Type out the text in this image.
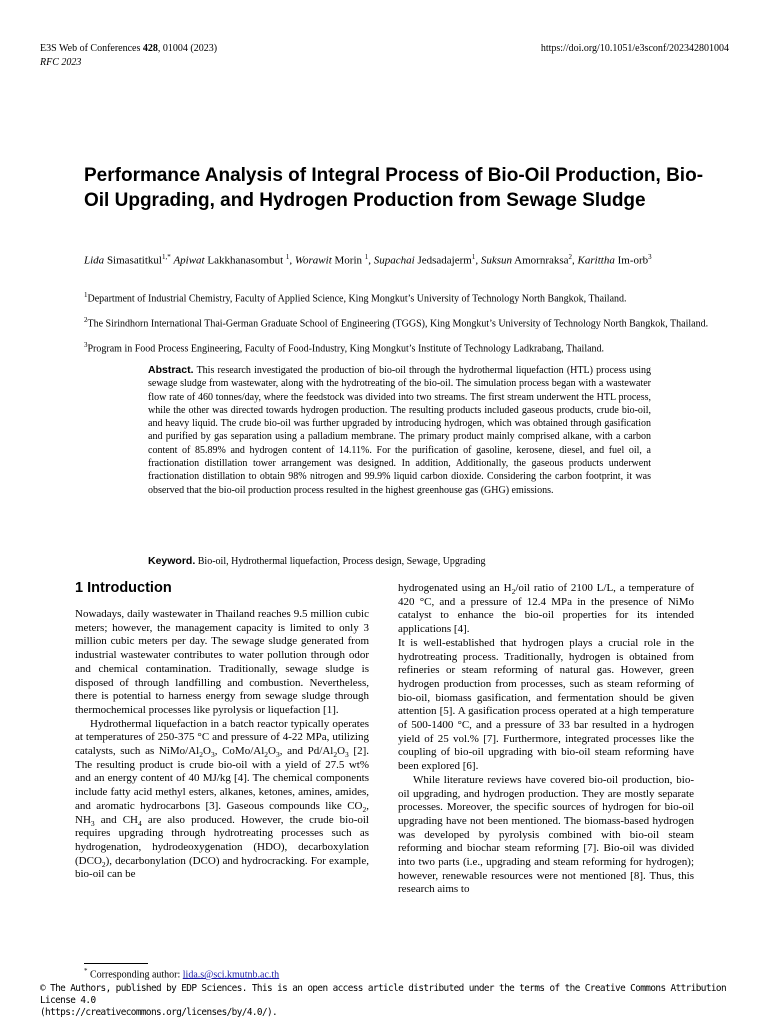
E3S Web of Conferences 428, 01004 (2023)	https://doi.org/10.1051/e3sconf/202342801004
RFC 2023
Performance Analysis of Integral Process of Bio-Oil Production, Bio-Oil Upgrading, and Hydrogen Production from Sewage Sludge
Lida Simasatitkul$^{1,*}$ Apiwat Lakkhanasombut $^1$, Worawit Morin $^1$, Supachai Jedsadajerm$^1$, Suksun Amornraksa$^2$, Karittha Im-orb$^3$
$^1$Department of Industrial Chemistry, Faculty of Applied Science, King Mongkut’s University of Technology North Bangkok, Thailand.
$^2$The Sirindhorn International Thai-German Graduate School of Engineering (TGGS), King Mongkut’s University of Technology North Bangkok, Thailand.
$^3$Program in Food Process Engineering, Faculty of Food-Industry, King Mongkut’s Institute of Technology Ladkrabang, Thailand.
Abstract. This research investigated the production of bio-oil through the hydrothermal liquefaction (HTL) process using sewage sludge from wastewater, along with the hydrotreating of the bio-oil. The simulation process began with a wastewater flow rate of 460 tonnes/day, where the feedstock was divided into two streams. The first stream underwent the HTL process, while the other was directed towards hydrogen production. The resulting products included gaseous products, crude bio-oil, and heavy liquid. The crude bio-oil was further upgraded by introducing hydrogen, which was obtained through gasification and purified by gas separation using a palladium membrane. The primary product mainly comprised alkane, with a carbon content of 85.89% and hydrogen content of 14.11%. For the purification of gasoline, kerosene, diesel, and fuel oil, a fractionation distillation tower arrangement was designed. In addition, Additionally, the gaseous products underwent fractionation distillation to obtain 98% nitrogen and 99.9% liquid carbon dioxide. Considering the carbon footprint, it was observed that the bio-oil production process resulted in the highest greenhouse gas (GHG) emissions.
Keyword. Bio-oil, Hydrothermal liquefaction, Process design, Sewage, Upgrading
1 Introduction

Nowadays, daily wastewater in Thailand reaches 9.5 million cubic meters; however, the management capacity is limited to only 3 million cubic meters per day. The sewage sludge generated from industrial wastewater contributes to water pollution through odor and chemical contamination. Traditionally, sewage sludge is disposed of through landfilling and combustion. Nevertheless, there is potential to harness energy from sewage sludge through thermochemical processes like pyrolysis or liquefaction [1].

Hydrothermal liquefaction in a batch reactor typically operates at temperatures of 250-375 °C and pressure of 4-22 MPa, utilizing catalysts, such as NiMo/$Al_2O_3$, CoMo/$Al_2O_3$, and $Pd/Al_2O_3$ [2]. The resulting product is crude bio-oil with a yield of 27.5 wt% and an energy content of 40 MJ/kg [4]. The chemical components include fatty acid methyl esters, alkanes, ketones, amines, amides, and aromatic hydrocarbons [3]. Gaseous compounds like $CO_2$, $NH_3$ and $CH_4$ are also produced. However, the crude bio-oil requires upgrading through hydrotreating processes such as hydrogenation, hydrodeoxygenation (HDO), decarboxylation $(DCO_2)$, decarbonylation (DCO) and hydrocracking. For example, bio-oil can be

hydrogenated using an $H_2$/oil ratio of 2100 L/L, a temperature of 420 °C, and a pressure of 12.4 MPa in the presence of NiMo catalyst to enhance the bio-oil properties for its intended applications [4].

It is well-established that hydrogen plays a crucial role in the hydrotreating process. Traditionally, hydrogen is obtained from refineries or steam reforming of natural gas. However, green hydrogen production from processes, such as steam reforming of bio-oil, biomass gasification, and fermentation should be given attention [5]. A gasification process operated at a high temperature of 500-1400 °C, and a pressure of 33 bar resulted in a hydrogen yield of 25 vol.% [7]. Furthermore, integrated processes like the coupling of bio-oil upgrading with bio-oil steam reforming have been explored [6].

While literature reviews have covered bio-oil production, bio-oil upgrading, and hydrogen production. They are mostly separate processes. Moreover, the specific sources of hydrogen for bio-oil upgrading have not been mentioned. The biomass-based hydrogen was developed by pyrolysis combined with bio-oil steam reforming and biochar steam reforming [7]. Bio-oil was divided into two parts (i.e., upgrading and steam reforming for hydrogen); however, renewable resources were not mentioned [8]. Thus, this research aims to

* Corresponding author: lida.s@sci.kmutnb.ac.th
© The Authors, published by EDP Sciences. This is an open access article distributed under the terms of the Creative Commons Attribution License 4.0
(https://creativecommons.org/licenses/by/4.0/).
